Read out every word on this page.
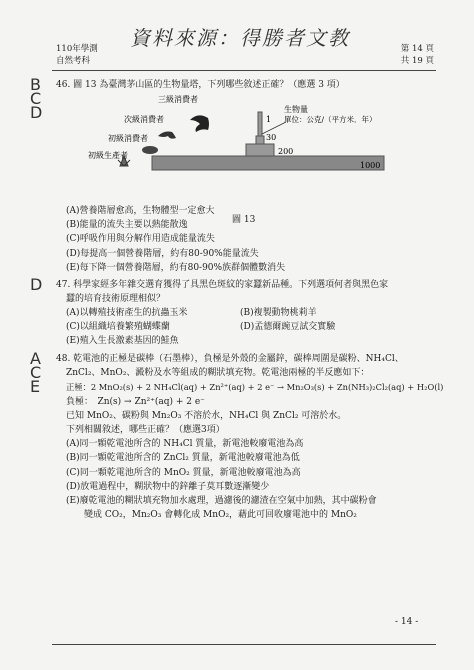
110年學測
自然考科
資料來源：得勝者文教	第 14 頁
共 19 頁
B
C
D
D
A
C
E
46. 圖 13 為臺灣茅山區的生物量塔，下列哪些敘述正確？（應選 3 項）
三級消費者
次級消費者
初級消費者
初級生產者
生物量
單位：公克/（平方米．年）
1
30
200
1000
圖 13
(A)營養階層愈高，生物體型一定愈大
(B)能量的流失主要以熱能散逸
(C)呼吸作用與分解作用造成能量流失
(D)每提高一個營養階層，約有80-90%能量流失
(E)每下降一個營養階層，約有80-90%族群個體數消失
47. 科學家經多年雜交選育獲得了具黑色斑紋的家蠶新品種。下列選項何者與黑色家
蠶的培育技術原理相似？
(A)以轉殖技術產生的抗蟲玉米	(B)複製動物桃莉羊
(C)以組織培養繁殖蝴蝶蘭	(D)孟德爾豌豆試交實驗
(E)殖入生長激素基因的鮭魚
48. 乾電池的正極是碳棒（石墨棒），負極是外殼的金屬鋅，碳棒周圍是碳粉、NH₄Cl、
ZnCl₂、MnO₂、澱粉及水等組成的糊狀填充物。乾電池兩極的半反應如下：
正極：2 MnO₂(s) + 2 NH₄Cl(aq) + Zn²⁺(aq) + 2 e⁻ → Mn₂O₃(s) + Zn(NH₃)₂Cl₂(aq) + H₂O(l)
負極：　Zn(s) → Zn²⁺(aq) + 2 e⁻
已知 MnO₂、碳粉與 Mn₂O₃ 不溶於水，NH₄Cl 與 ZnCl₂ 可溶於水。
下列相關敘述，哪些正確？（應選3項）
(A)同一顆乾電池所含的 NH₄Cl 質量，新電池較廢電池為高
(B)同一顆乾電池所含的 ZnCl₂ 質量，新電池較廢電池為低
(C)同一顆乾電池所含的 MnO₂ 質量，新電池較廢電池為高
(D)放電過程中，糊狀物中的鋅離子莫耳數逐漸變少
(E)廢乾電池的糊狀填充物加水處理，過濾後的濾渣在空氣中加熱，其中碳粉會
變成 CO₂，Mn₂O₃ 會轉化成 MnO₂，藉此可回收廢電池中的 MnO₂
- 14 -
